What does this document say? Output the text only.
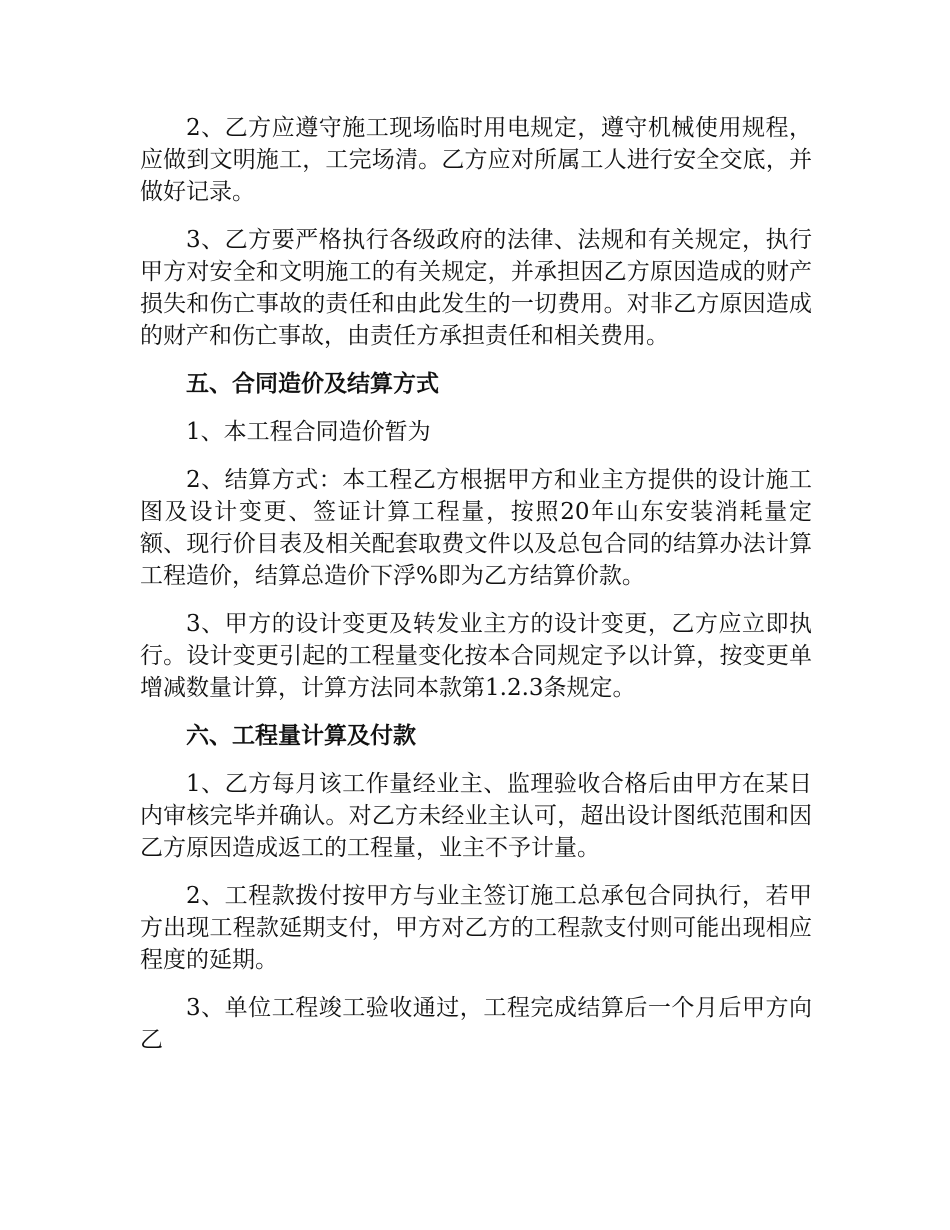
2、乙方应遵守施工现场临时用电规定，遵守机械使用规程，应做到文明施工，工完场清。乙方应对所属工人进行安全交底，并做好记录。

3、乙方要严格执行各级政府的法律、法规和有关规定，执行甲方对安全和文明施工的有关规定，并承担因乙方原因造成的财产损失和伤亡事故的责任和由此发生的一切费用。对非乙方原因造成的财产和伤亡事故，由责任方承担责任和相关费用。

五、合同造价及结算方式

1、本工程合同造价暂为

2、结算方式：本工程乙方根据甲方和业主方提供的设计施工图及设计变更、签证计算工程量，按照20年山东安装消耗量定额、现行价目表及相关配套取费文件以及总包合同的结算办法计算工程造价，结算总造价下浮%即为乙方结算价款。

3、甲方的设计变更及转发业主方的设计变更，乙方应立即执行。设计变更引起的工程量变化按本合同规定予以计算，按变更单增减数量计算，计算方法同本款第1.2.3条规定。

六、工程量计算及付款

1、乙方每月该工作量经业主、监理验收合格后由甲方在某日内审核完毕并确认。对乙方未经业主认可，超出设计图纸范围和因乙方原因造成返工的工程量，业主不予计量。

2、工程款拨付按甲方与业主签订施工总承包合同执行，若甲方出现工程款延期支付，甲方对乙方的工程款支付则可能出现相应程度的延期。

3、单位工程竣工验收通过，工程完成结算后一个月后甲方向乙
